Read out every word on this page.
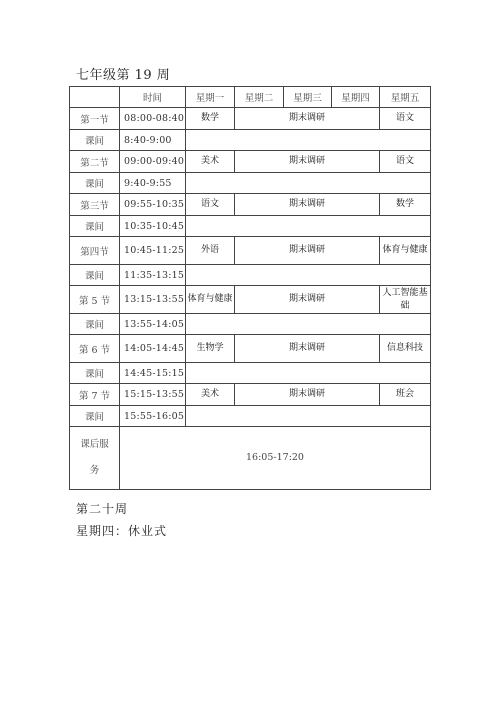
七年级第 19 周
	时间	星期一	星期二	星期三	星期四	星期五
第一节	08:00-08:40	数学	期末调研			语文
课间	8:40-9:00					
第二节	09:00-09:40	美术	期末调研			语文
课间	9:40-9:55					
第三节	09:55-10:35	语文	期末调研			数学
课间	10:35-10:45					
第四节	10:45-11:25	外语	期末调研			体育与健康
课间	11:35-13:15					
第 5 节	13:15-13:55	体育与健康	期末调研			人工智能基础
课间	13:55-14:05					
第 6 节	14:05-14:45	生物学	期末调研			信息科技
课间	14:45-15:15					
第 7 节	15:15-13:55	美术	期末调研			班会
课间	15:55-16:05					
课后服务	16:05-17:20					
第二十周
星期四：休业式
